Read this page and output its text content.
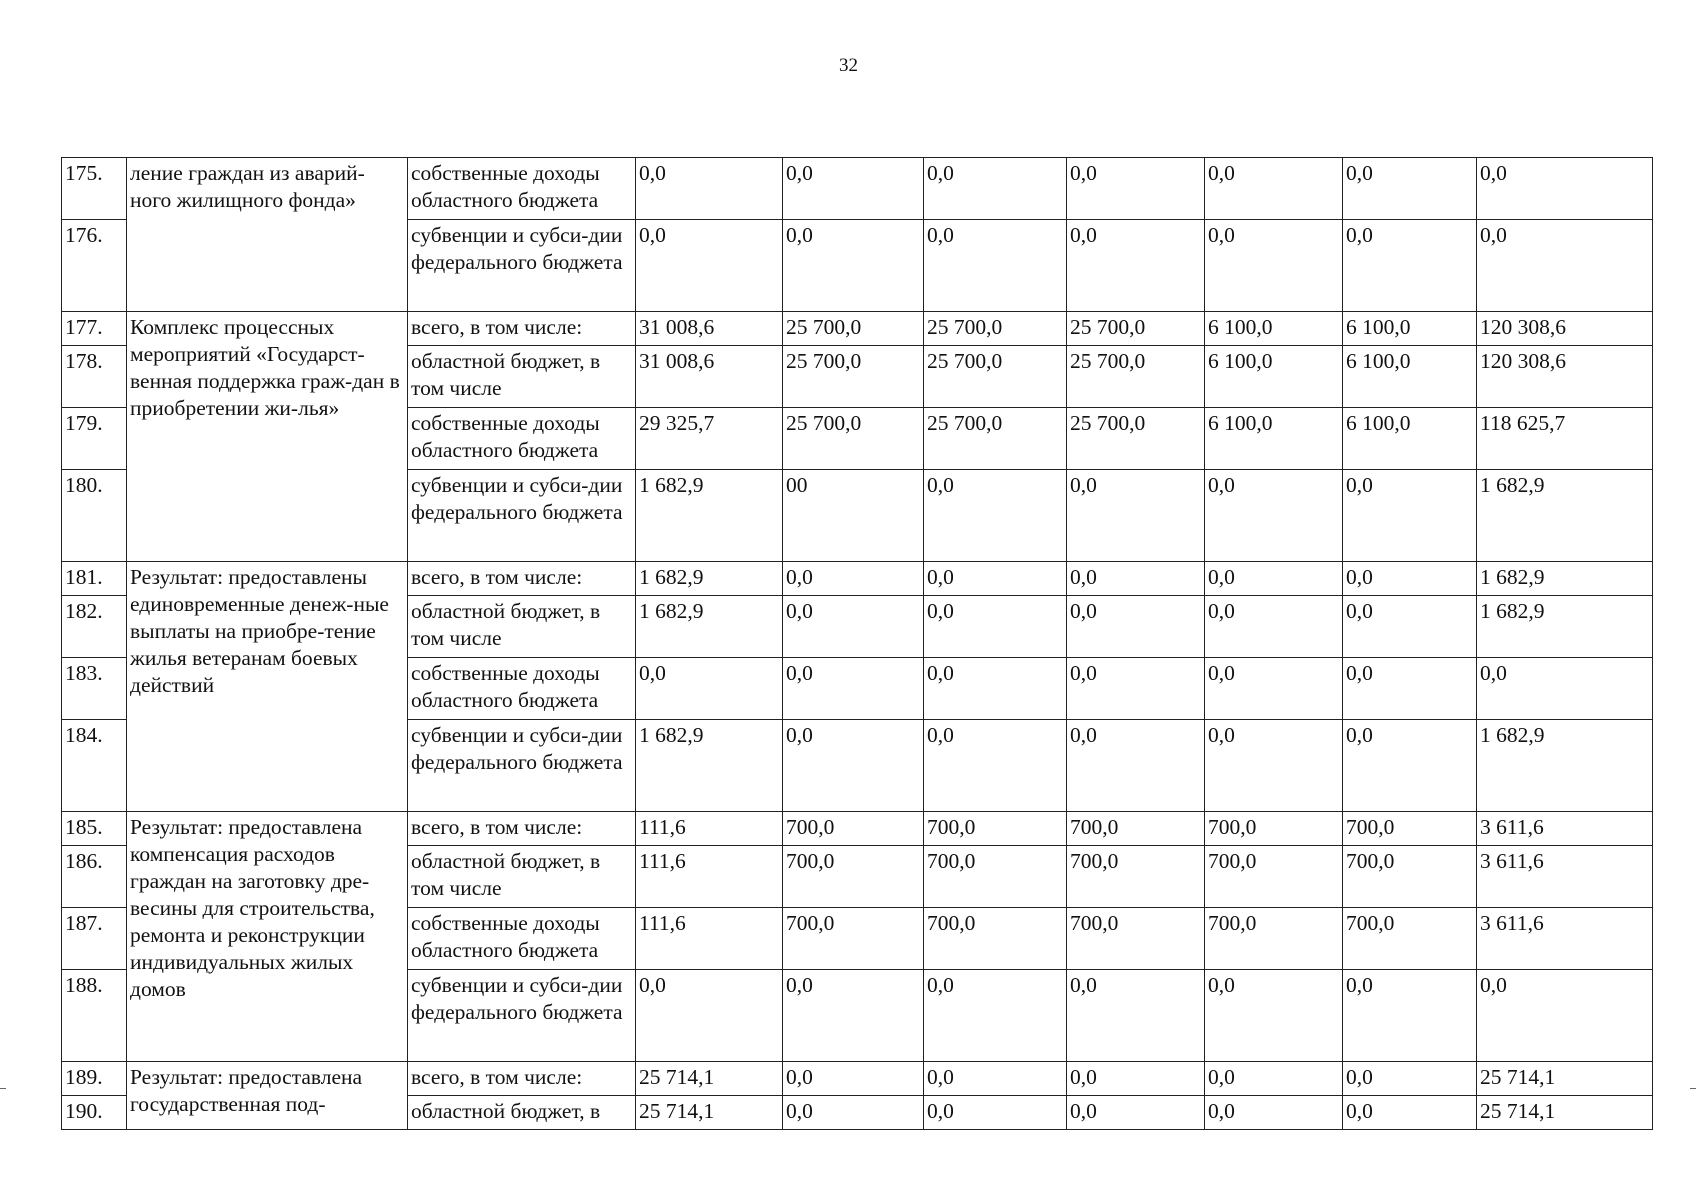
32
175.	ление граждан из аварий-ного жилищного фонда»	собственные доходы областного бюджета	0,0	0,0	0,0	0,0	0,0	0,0	0,0
176.		субвенции и субси-дии федерального бюджета	0,0	0,0	0,0	0,0	0,0	0,0	0,0
177.	Комплекс процессных мероприятий «Государст-венная поддержка граж-дан в приобретении жи-лья»	всего, в том числе:	31 008,6	25 700,0	25 700,0	25 700,0	6 100,0	6 100,0	120 308,6
178.		областной бюджет, в том числе	31 008,6	25 700,0	25 700,0	25 700,0	6 100,0	6 100,0	120 308,6
179.		собственные доходы областного бюджета	29 325,7	25 700,0	25 700,0	25 700,0	6 100,0	6 100,0	118 625,7
180.		субвенции и субси-дии федерального бюджета	1 682,9	00	0,0	0,0	0,0	0,0	1 682,9
181.	Результат: предоставлены единовременные денеж-ные выплаты на приобре-тение жилья ветеранам боевых действий	всего, в том числе:	1 682,9	0,0	0,0	0,0	0,0	0,0	1 682,9
182.		областной бюджет, в том числе	1 682,9	0,0	0,0	0,0	0,0	0,0	1 682,9
183.		собственные доходы областного бюджета	0,0	0,0	0,0	0,0	0,0	0,0	0,0
184.		субвенции и субси-дии федерального бюджета	1 682,9	0,0	0,0	0,0	0,0	0,0	1 682,9
185.	Результат: предоставлена компенсация расходов граждан на заготовку дре-весины для строительства, ремонта и реконструкции индивидуальных жилых домов	всего, в том числе:	111,6	700,0	700,0	700,0	700,0	700,0	3 611,6
186.		областной бюджет, в том числе	111,6	700,0	700,0	700,0	700,0	700,0	3 611,6
187.		собственные доходы областного бюджета	111,6	700,0	700,0	700,0	700,0	700,0	3 611,6
188.		субвенции и субси-дии федерального бюджета	0,0	0,0	0,0	0,0	0,0	0,0	0,0
189.	Результат: предоставлена государственная под-	всего, в том числе:	25 714,1	0,0	0,0	0,0	0,0	0,0	25 714,1
190.		областной бюджет, в	25 714,1	0,0	0,0	0,0	0,0	0,0	25 714,1
